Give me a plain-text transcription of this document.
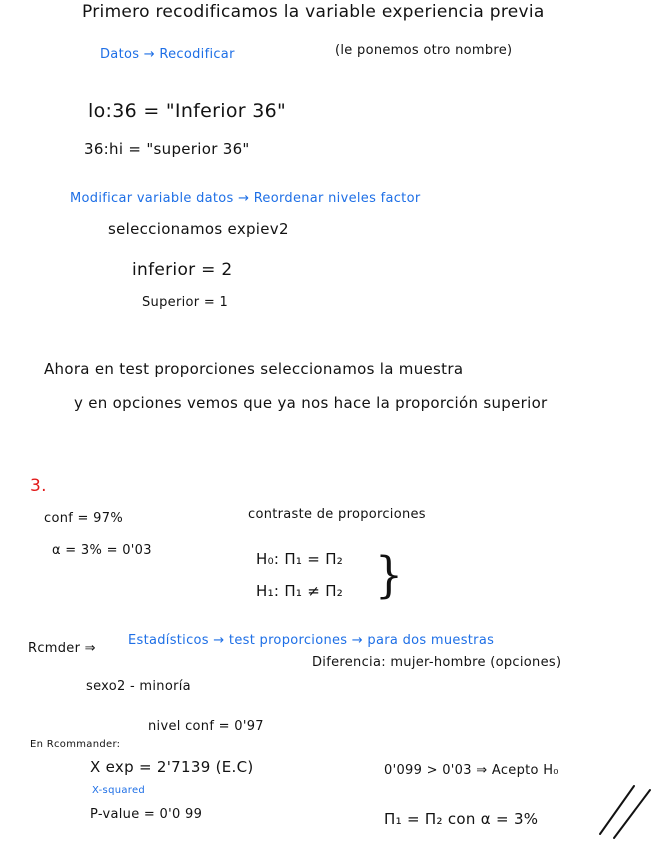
Primero recodificamos la variable experiencia previa
Datos → Recodificar	(le ponemos otro nombre)
lo:36 = "Inferior 36"
36:hi = "superior 36"
Modificar variable datos → Reordenar niveles factor
seleccionamos expiev2
inferior = 2
Superior = 1
Ahora en test proporciones seleccionamos la muestra
y en opciones vemos que ya nos hace la proporción superior
3.
conf = 97%
α = 3% = 0'03
contraste de proporciones
H₀: Π₁ = Π₂
H₁: Π₁ ≠ Π₂ }
Rcmder ⇒
Estadísticos → test proporciones → para dos muestras
sexo2 - minoría
Diferencia: mujer-hombre (opciones)
nivel conf = 0'97
En Rcommander:
X exp = 2'7139 (E.C)
X-squared
P-value = 0'0 99
0'099 > 0'03 ⇒ Acepto H₀
Π₁ = Π₂ con α = 3%
